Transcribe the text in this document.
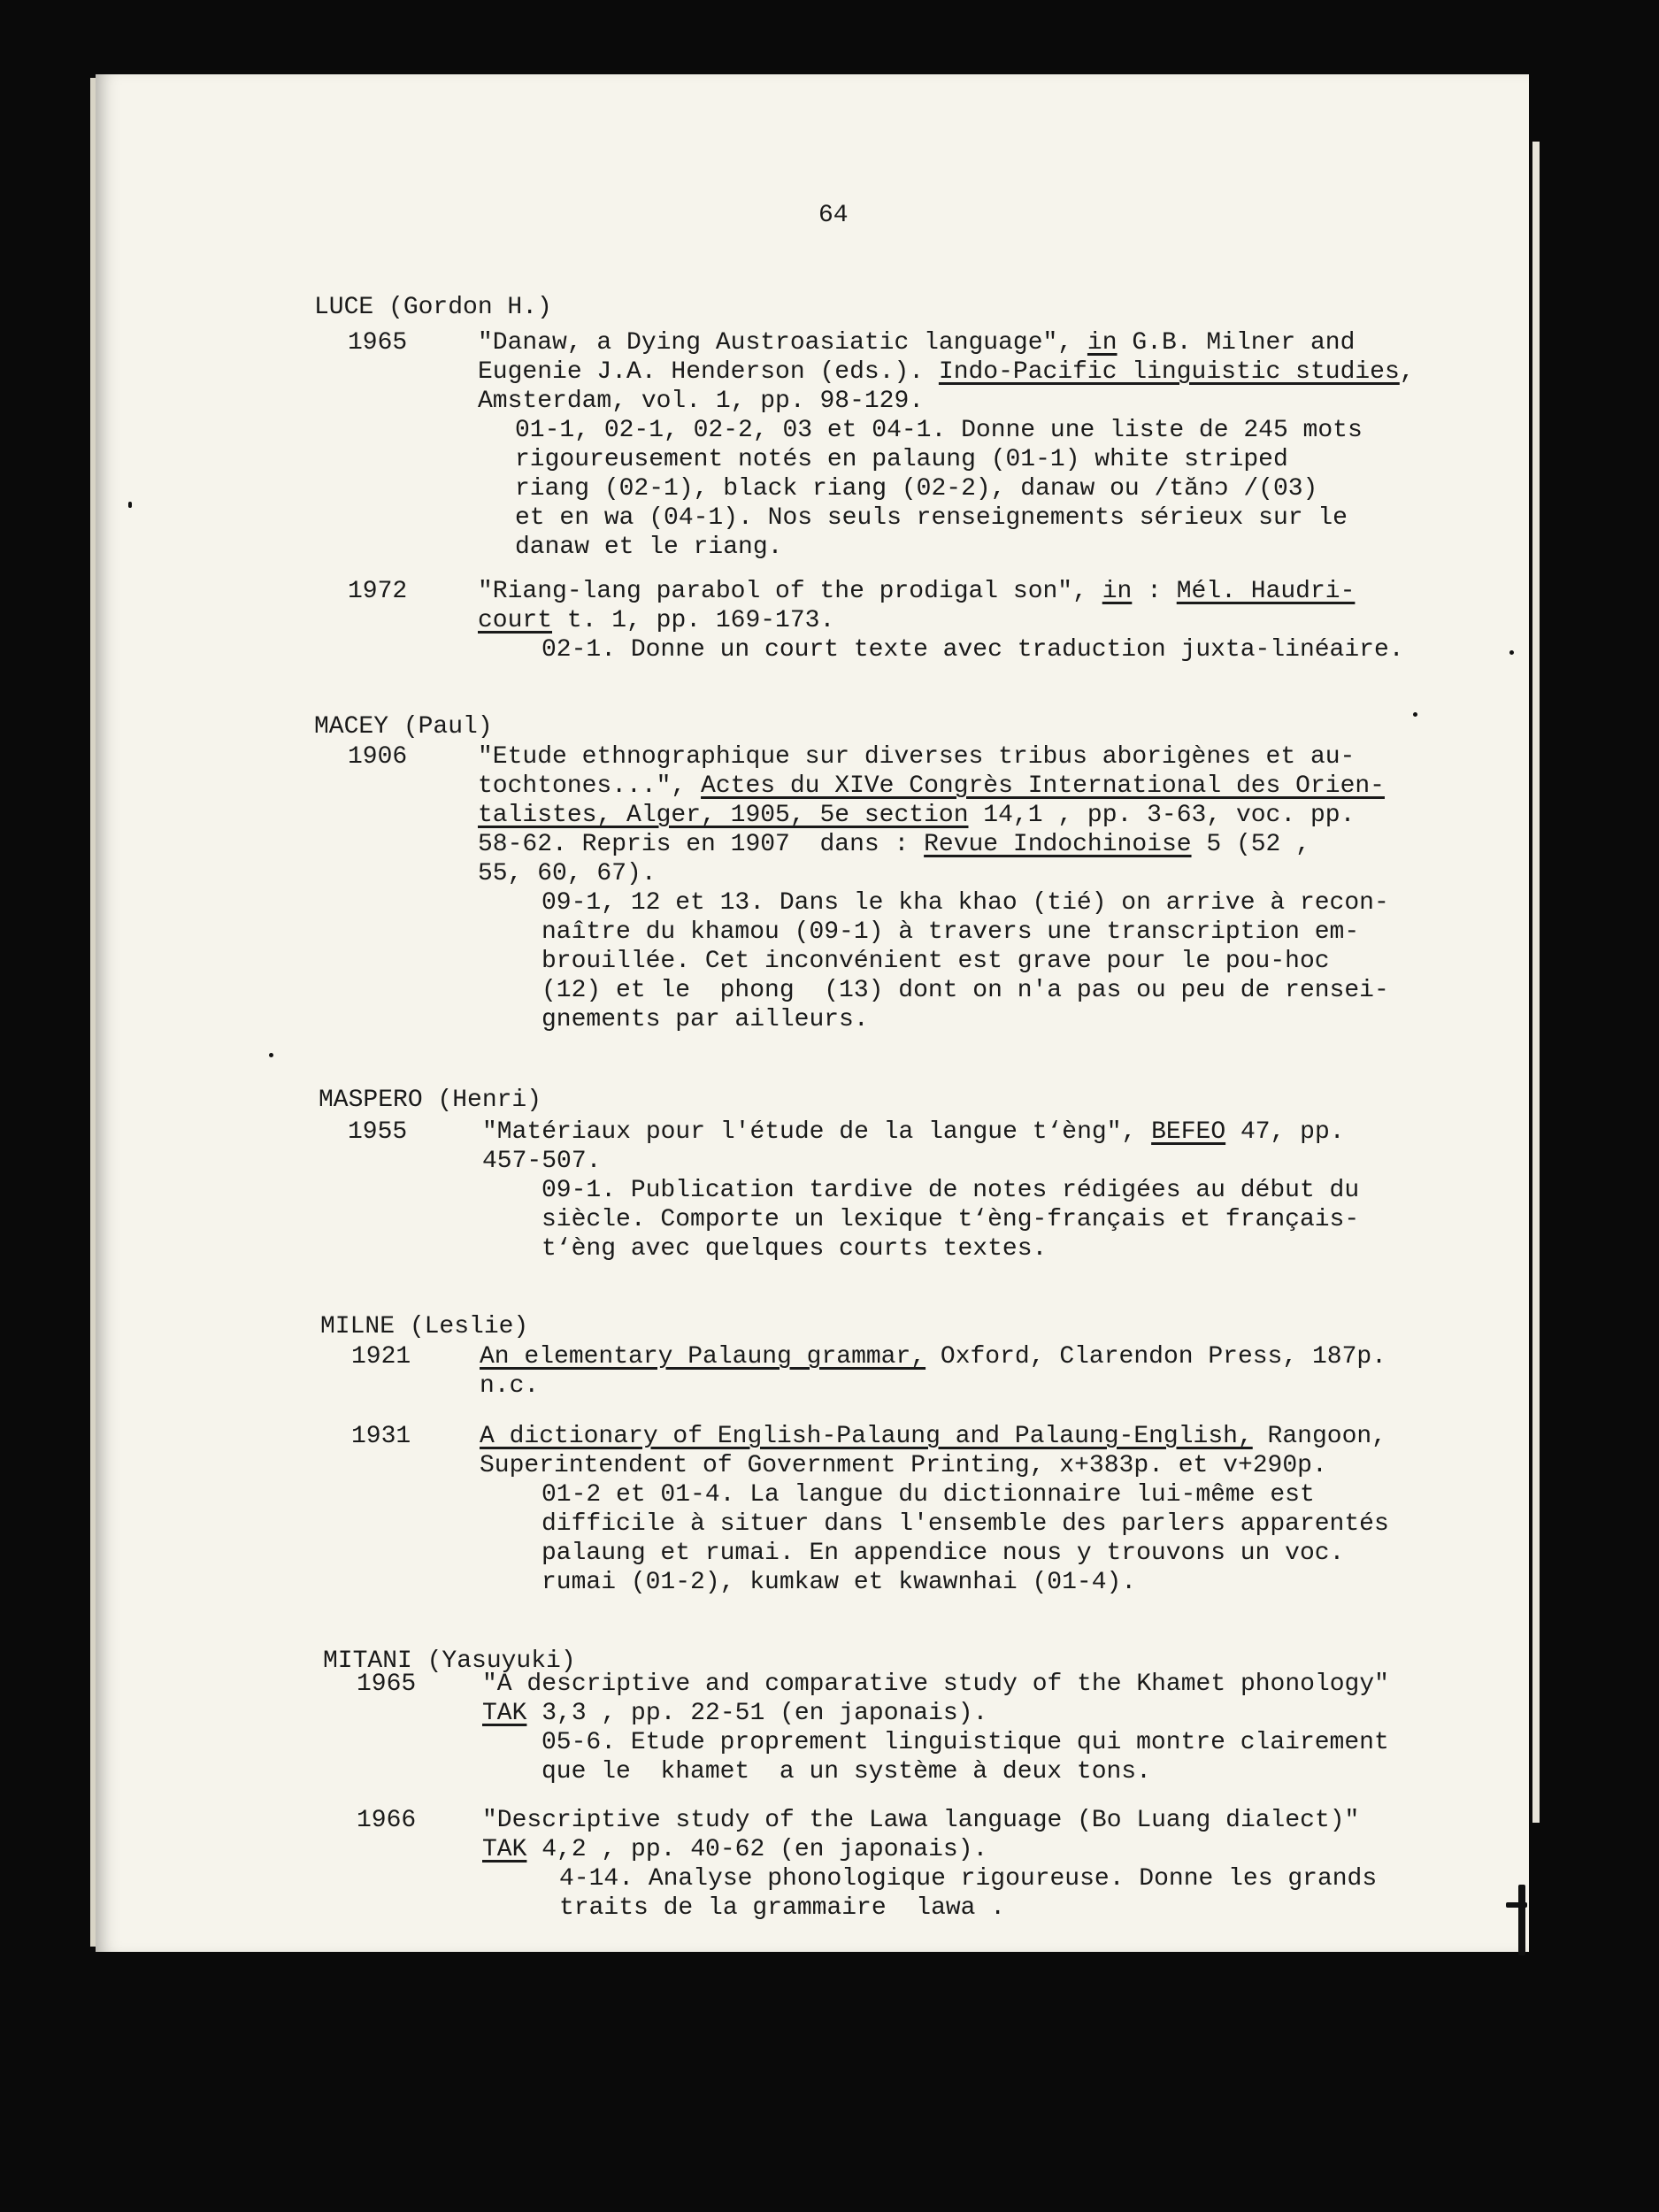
64
LUCE (Gordon H.)
1965	"Danaw, a Dying Austroasiatic language", in G.B. Milner and
Eugenie J.A. Henderson (eds.). Indo-Pacific linguistic studies,
Amsterdam, vol. 1, pp. 98-129.
01-1, 02-1, 02-2, 03 et 04-1. Donne une liste de 245 mots
rigoureusement notés en palaung (01-1) white striped
riang (02-1), black riang (02-2), danaw ou /tănɔ /(03)
et en wa (04-1). Nos seuls renseignements sérieux sur le
danaw et le riang.
1972	"Riang-lang parabol of the prodigal son", in : Mél. Haudri-
court t. 1, pp. 169-173.
02-1. Donne un court texte avec traduction juxta-linéaire.
MACEY (Paul)
1906	"Etude ethnographique sur diverses tribus aborigènes et au-
tochtones...", Actes du XIVe Congrès International des Orien-
talistes, Alger, 1905, 5e section 14,1 , pp. 3-63, voc. pp.
58-62. Repris en 1907  dans : Revue Indochinoise 5 (52 ,
55, 60, 67).
09-1, 12 et 13. Dans le kha khao (tié) on arrive à recon-
naître du khamou (09-1) à travers une transcription em-
brouillée. Cet inconvénient est grave pour le pou-hoc
(12) et le  phong  (13) dont on n'a pas ou peu de rensei-
gnements par ailleurs.
MASPERO (Henri)
1955	"Matériaux pour l'étude de la langue t‘èng", BEFEO 47, pp.
457-507.
09-1. Publication tardive de notes rédigées au début du
siècle. Comporte un lexique t‘èng-français et français-
t‘èng avec quelques courts textes.
MILNE (Leslie)
1921	An elementary Palaung grammar, Oxford, Clarendon Press, 187p.
n.c.
1931	A dictionary of English-Palaung and Palaung-English, Rangoon,
Superintendent of Government Printing, x+383p. et v+290p.
01-2 et 01-4. La langue du dictionnaire lui-même est
difficile à situer dans l'ensemble des parlers apparentés
palaung et rumai. En appendice nous y trouvons un voc.
rumai (01-2), kumkaw et kwawnhai (01-4).
MITANI (Yasuyuki)
1965	"A descriptive and comparative study of the Khamet phonology"
TAK 3,3 , pp. 22-51 (en japonais).
05-6. Etude proprement linguistique qui montre clairement
que le  khamet  a un système à deux tons.
1966	"Descriptive study of the Lawa language (Bo Luang dialect)"
TAK 4,2 , pp. 40-62 (en japonais).
4-14. Analyse phonologique rigoureuse. Donne les grands
traits de la grammaire  lawa .
